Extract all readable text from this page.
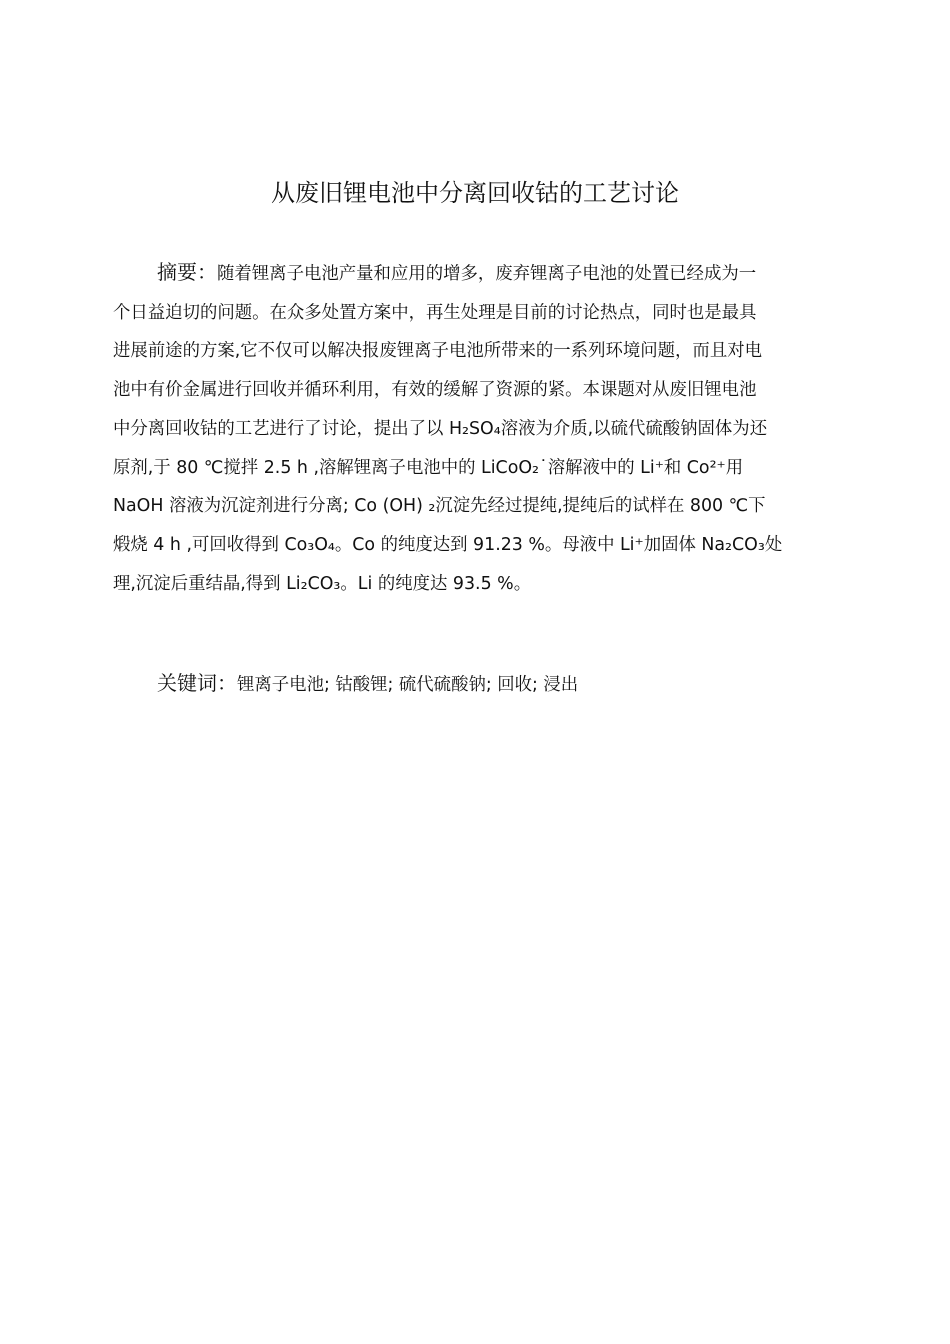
从废旧锂电池中分离回收钴的工艺讨论
摘要：随着锂离子电池产量和应用的增多，废弃锂离子电池的处置已经成为一
个日益迫切的问题。在众多处置方案中，再生处理是目前的讨论热点，同时也是最具
进展前途的方案,它不仅可以解决报废锂离子电池所带来的一系列环境问题，而且对电
池中有价金属进行回收并循环利用，有效的缓解了资源的紧。本课题对从废旧锂电池
中分离回收钴的工艺进行了讨论，提出了以 H₂SO₄溶液为介质,以硫代硫酸钠固体为还
原剂,于 80 ℃搅拌 2.5 h ,溶解锂离子电池中的 LiCoO₂˙溶解液中的 Li⁺和 Co²⁺用
NaOH 溶液为沉淀剂进行分离; Co (OH) ₂沉淀先经过提纯,提纯后的试样在 800 ℃下
煅烧 4 h ,可回收得到 Co₃O₄。Co 的纯度达到 91.23 %。母液中 Li⁺加固体 Na₂CO₃处
理,沉淀后重结晶,得到 Li₂CO₃。Li 的纯度达 93.5 %。
关键词：锂离子电池; 钴酸锂; 硫代硫酸钠; 回收; 浸出
